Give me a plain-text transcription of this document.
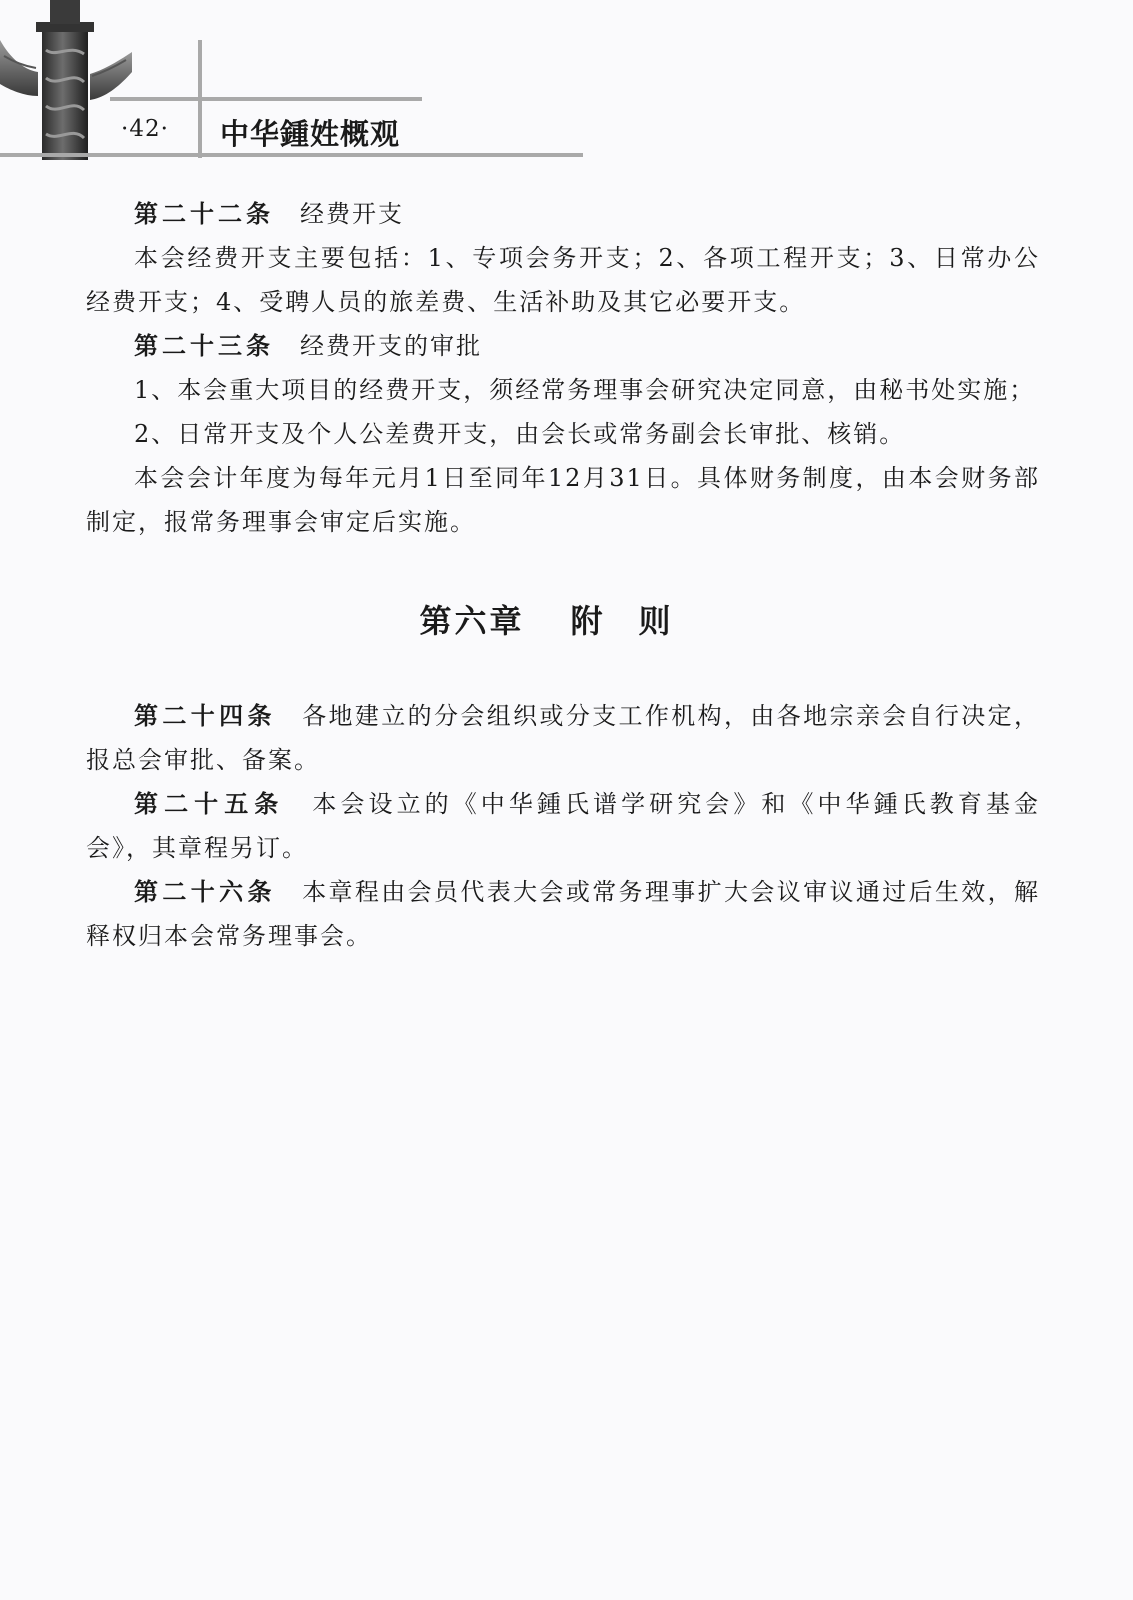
·42·	中华鍾姓概观

第二十二条 经费开支

本会经费开支主要包括：1、专项会务开支；2、各项工程开支；3、日常办公经费开支；4、受聘人员的旅差费、生活补助及其它必要开支。

第二十三条 经费开支的审批

1、本会重大项目的经费开支，须经常务理事会研究决定同意，由秘书处实施；

2、日常开支及个人公差费开支，由会长或常务副会长审批、核销。

本会会计年度为每年元月1日至同年12月31日。具体财务制度，由本会财务部制定，报常务理事会审定后实施。

第六章 附则

第二十四条 各地建立的分会组织或分支工作机构，由各地宗亲会自行决定，报总会审批、备案。

第二十五条 本会设立的《中华鍾氏谱学研究会》和《中华鍾氏教育基金会》，其章程另订。

第二十六条 本章程由会员代表大会或常务理事扩大会议审议通过后生效，解释权归本会常务理事会。
